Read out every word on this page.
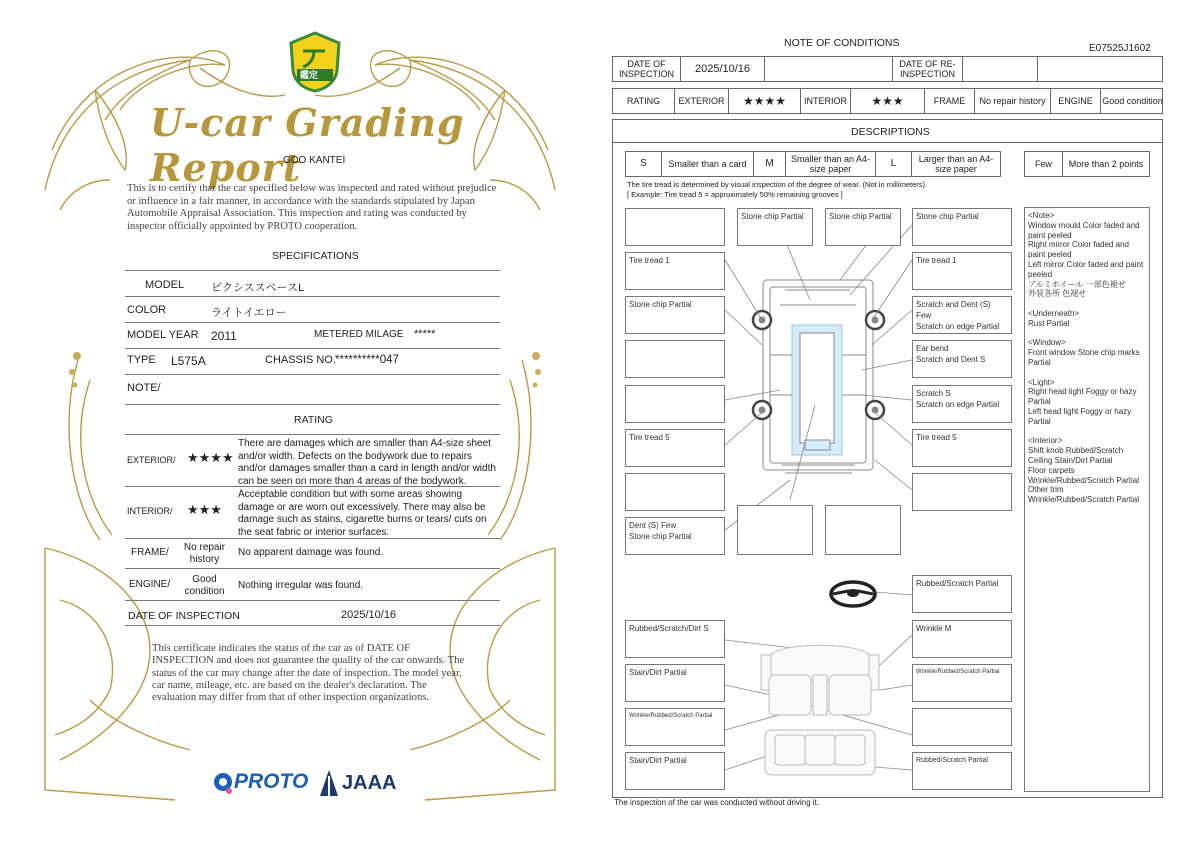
鑑定
U-car Grading Report
GOO KANTEI
This is to certify that the car specified below was inspected and rated without prejudice or influence in a fair manner, in accordance with the standards stipulated by Japan Automobile Appraisal Association. This inspection and rating was conducted by inspector officially appointed by PROTO cooperation.
SPECIFICATIONS
MODEL ピクシススペースL
COLOR	ライトイエロー
MODEL YEAR 2011	METERED MILAGE *****
TYPE L575A	CHASSIS NO. **********047
NOTE/
RATING
EXTERIOR/ ★★★★
There are damages which are smaller than A4-size sheet and/or width. Defects on the bodywork due to repairs and/or damages smaller than a card in length and/or width can be seen on more than 4 areas of the bodywork.
INTERIOR/ ★★★
Acceptable condition but with some areas showing damage or are worn out excessively. There may also be damage such as stains, cigarette burns or tears/ cuts on the seat fabric or interior surfaces.
FRAME/	No repair history
No apparent damage was found.
ENGINE/	Good condition
Nothing irregular was found.
DATE OF INSPECTION	2025/10/16
This certificate indicates the status of the car as of DATE OF INSPECTION and does not guarantee the quality of the car onwards. The status of the car may change after the date of inspection. The model year, car name, mileage, etc. are based on the dealer's declaration. The evaluation may differ from that of other inspection organizations.
PROTO JAAA
NOTE OF CONDITIONS	E07525J1602
DATE OF INSPECTION	2025/10/16	DATE OF RE-INSPECTION
RATING	EXTERIOR	★★★★	INTERIOR	★★★	FRAME	No repair history	ENGINE	Good condition
DESCRIPTIONS
S	Smaller than a card	M	Smaller than an A4-size paper	L	Larger than an A4-size paper	Few	More than 2 points
The tire tread is determined by visual inspection of the degree of wear. (Not in millimeters).
[ Example: Tire tread 5 = approximately 50% remaining grooves ]
Stone chip Partial	Stone chip Partial	Stone chip Partial
Tire tread 1	Tire tread 1
Stone chip Partial	Scratch and Dent (S) Few
Scratch on edge Partial
Ear bend
Scratch and Dent S
Scratch S
Scratch on edge Partial
Tire tread 5	Tire tread 5
Dent (S) Few
Stone chip Partial
<Note>
Window mould Color faded and paint peeled
Right mirror Color faded and paint peeled
Left mirror Color faded and paint peeled
アルミホイール 一部色褪せ
外装各所 色褪せ

<Underneath>
Rust Partial

<Window>
Front window Stone chip marks Partial

<Light>
Right head light Foggy or hazy Partial
Left head light Foggy or hazy Partial

<Interior>
Shift knob Rubbed/Scratch
Ceiling Stain/Dirt Partial
Floor carpets
Wrinkle/Rubbed/Scratch Partial
Other trim
Wrinkle/Rubbed/Scratch Partial
Rubbed/Scratch Partial
Rubbed/Scratch/Dirt S	Wrinkle M
Stain/Dirt Partial	Wrinkle/Rubbed/Scratch Partial
Wrinkle/Rubbed/Scratch Partial
Stain/Dirt Partial	Rubbed/Scratch Partial
The inspection of the car was conducted without driving it.
